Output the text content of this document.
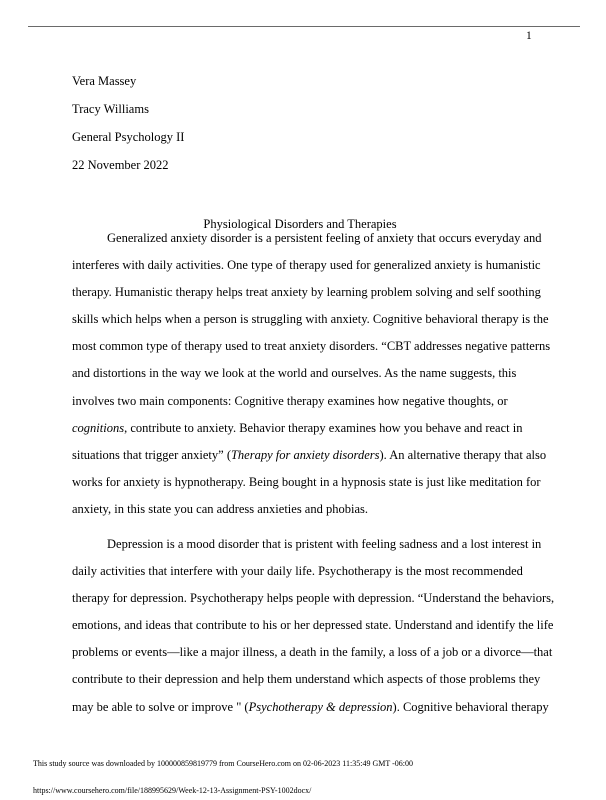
1
Vera Massey
Tracy Williams
General Psychology II
22 November 2022
Physiological Disorders and Therapies
Generalized anxiety disorder is a persistent feeling of anxiety that occurs everyday and
interferes with daily activities. One type of therapy used for generalized anxiety is humanistic
therapy. Humanistic therapy helps treat anxiety by learning problem solving and self soothing
skills which helps when a person is struggling with anxiety. Cognitive behavioral therapy is the
most common type of therapy used to treat anxiety disorders. “CBT addresses negative patterns
and distortions in the way we look at the world and ourselves. As the name suggests, this
involves two main components: Cognitive therapy examines how negative thoughts, or
cognitions, contribute to anxiety. Behavior therapy examines how you behave and react in
situations that trigger anxiety” (Therapy for anxiety disorders). An alternative therapy that also
works for anxiety is hypnotherapy. Being bought in a hypnosis state is just like meditation for
anxiety, in this state you can address anxieties and phobias.
Depression is a mood disorder that is pristent with feeling sadness and a lost interest in
daily activities that interfere with your daily life. Psychotherapy is the most recommended
therapy for depression. Psychotherapy helps people with depression. “Understand the behaviors,
emotions, and ideas that contribute to his or her depressed state. Understand and identify the life
problems or events—like a major illness, a death in the family, a loss of a job or a divorce—that
contribute to their depression and help them understand which aspects of those problems they
may be able to solve or improve " (Psychotherapy & depression). Cognitive behavioral therapy
This study source was downloaded by 100000859819779 from CourseHero.com on 02-06-2023 11:35:49 GMT -06:00
https://www.coursehero.com/file/188995629/Week-12-13-Assignment-PSY-1002docx/
